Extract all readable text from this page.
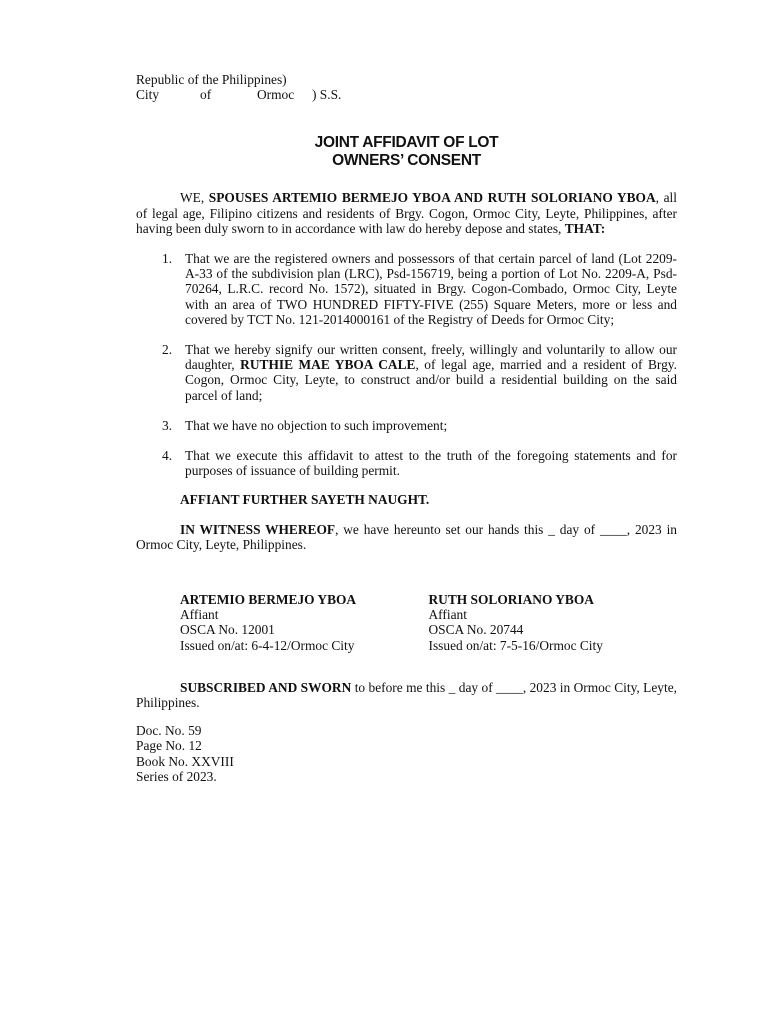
Republic of the Philippines)
City	of	Ormoc	) S.S.
JOINT AFFIDAVIT OF LOT
OWNERS’ CONSENT

WE, SPOUSES ARTEMIO BERMEJO YBOA AND RUTH SOLORIANO YBOA, all of legal age, Filipino citizens and residents of Brgy. Cogon, Ormoc City, Leyte, Philippines, after having been duly sworn to in accordance with law do hereby depose and states, THAT:

1. That we are the registered owners and possessors of that certain parcel of land (Lot 2209-A-33 of the subdivision plan (LRC), Psd-156719, being a portion of Lot No. 2209-A, Psd-70264, L.R.C. record No. 1572), situated in Brgy. Cogon-Combado, Ormoc City, Leyte with an area of TWO HUNDRED FIFTY-FIVE (255) Square Meters, more or less and covered by TCT No. 121-2014000161 of the Registry of Deeds for Ormoc City;
2. That we hereby signify our written consent, freely, willingly and voluntarily to allow our daughter, RUTHIE MAE YBOA CALE, of legal age, married and a resident of Brgy. Cogon, Ormoc City, Leyte, to construct and/or build a residential building on the said parcel of land;
3. That we have no objection to such improvement;
4. That we execute this affidavit to attest to the truth of the foregoing statements and for purposes of issuance of building permit.

AFFIANT FURTHER SAYETH NAUGHT.

IN WITNESS WHEREOF, we have hereunto set our hands this _ day of ____, 2023 in Ormoc City, Leyte, Philippines.

ARTEMIO BERMEJO YBOA
Affiant
OSCA No. 12001
Issued on/at: 6-4-12/Ormoc City
RUTH SOLORIANO YBOA
Affiant
OSCA No. 20744
Issued on/at: 7-5-16/Ormoc City

SUBSCRIBED AND SWORN to before me this _ day of ____, 2023 in Ormoc City, Leyte, Philippines.

Doc. No. 59
Page No. 12
Book No. XXVIII
Series of 2023.
